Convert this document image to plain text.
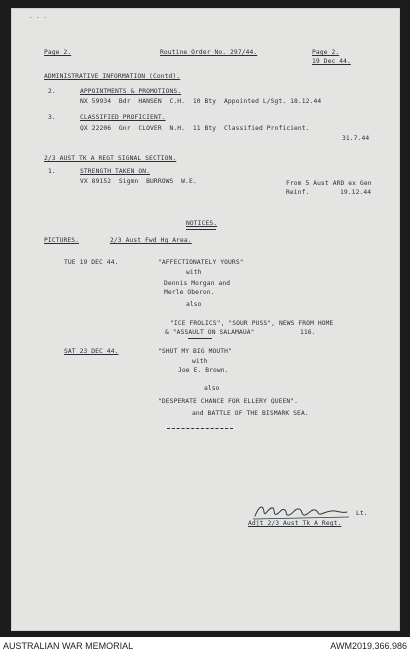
- - -
Page 2.	Routine Order No. 297/44.	Page 2.
19 Dec 44.
ADMINISTRATIVE INFORMATION (Contd).
2.	APPOINTMENTS & PROMOTIONS.
NX 59934  Bdr  HANSEN  C.H.  10 Bty  Appointed L/Sgt. 18.12.44
3.	CLASSIFIED PROFICIENT.
QX 22206  Gnr  CLOVER  N.H.  11 Bty  Classified Proficient.
31.7.44
2/3 AUST TK A REGT SIGNAL SECTION.
1.	STRENGTH TAKEN ON.
VX 89152  Sigmn  BURROWS  W.E.	From 5 Aust ARD ex Gen
Reinf.	19.12.44
NOTICES.
PICTURES.	2/3 Aust Fwd Hq Area.
TUE 19 DEC 44.	"AFFECTIONATELY YOURS"
with
Dennis Morgan and
Merle Oberon.
also
"ICE FROLICS", "SOUR PUSS", NEWS FROM HOME
& "ASSAULT ON SALAMAUA"	116.
SAT 23 DEC 44.	"SHUT MY BIG MOUTH"
with
Joe E. Brown.
also
"DESPERATE CHANCE FOR ELLERY QUEEN".
and BATTLE OF THE BISMARK SEA.
Lt.
Adjt 2/3 Aust Tk A Regt.
AUSTRALIAN WAR MEMORIAL	AWM2019.366.986
